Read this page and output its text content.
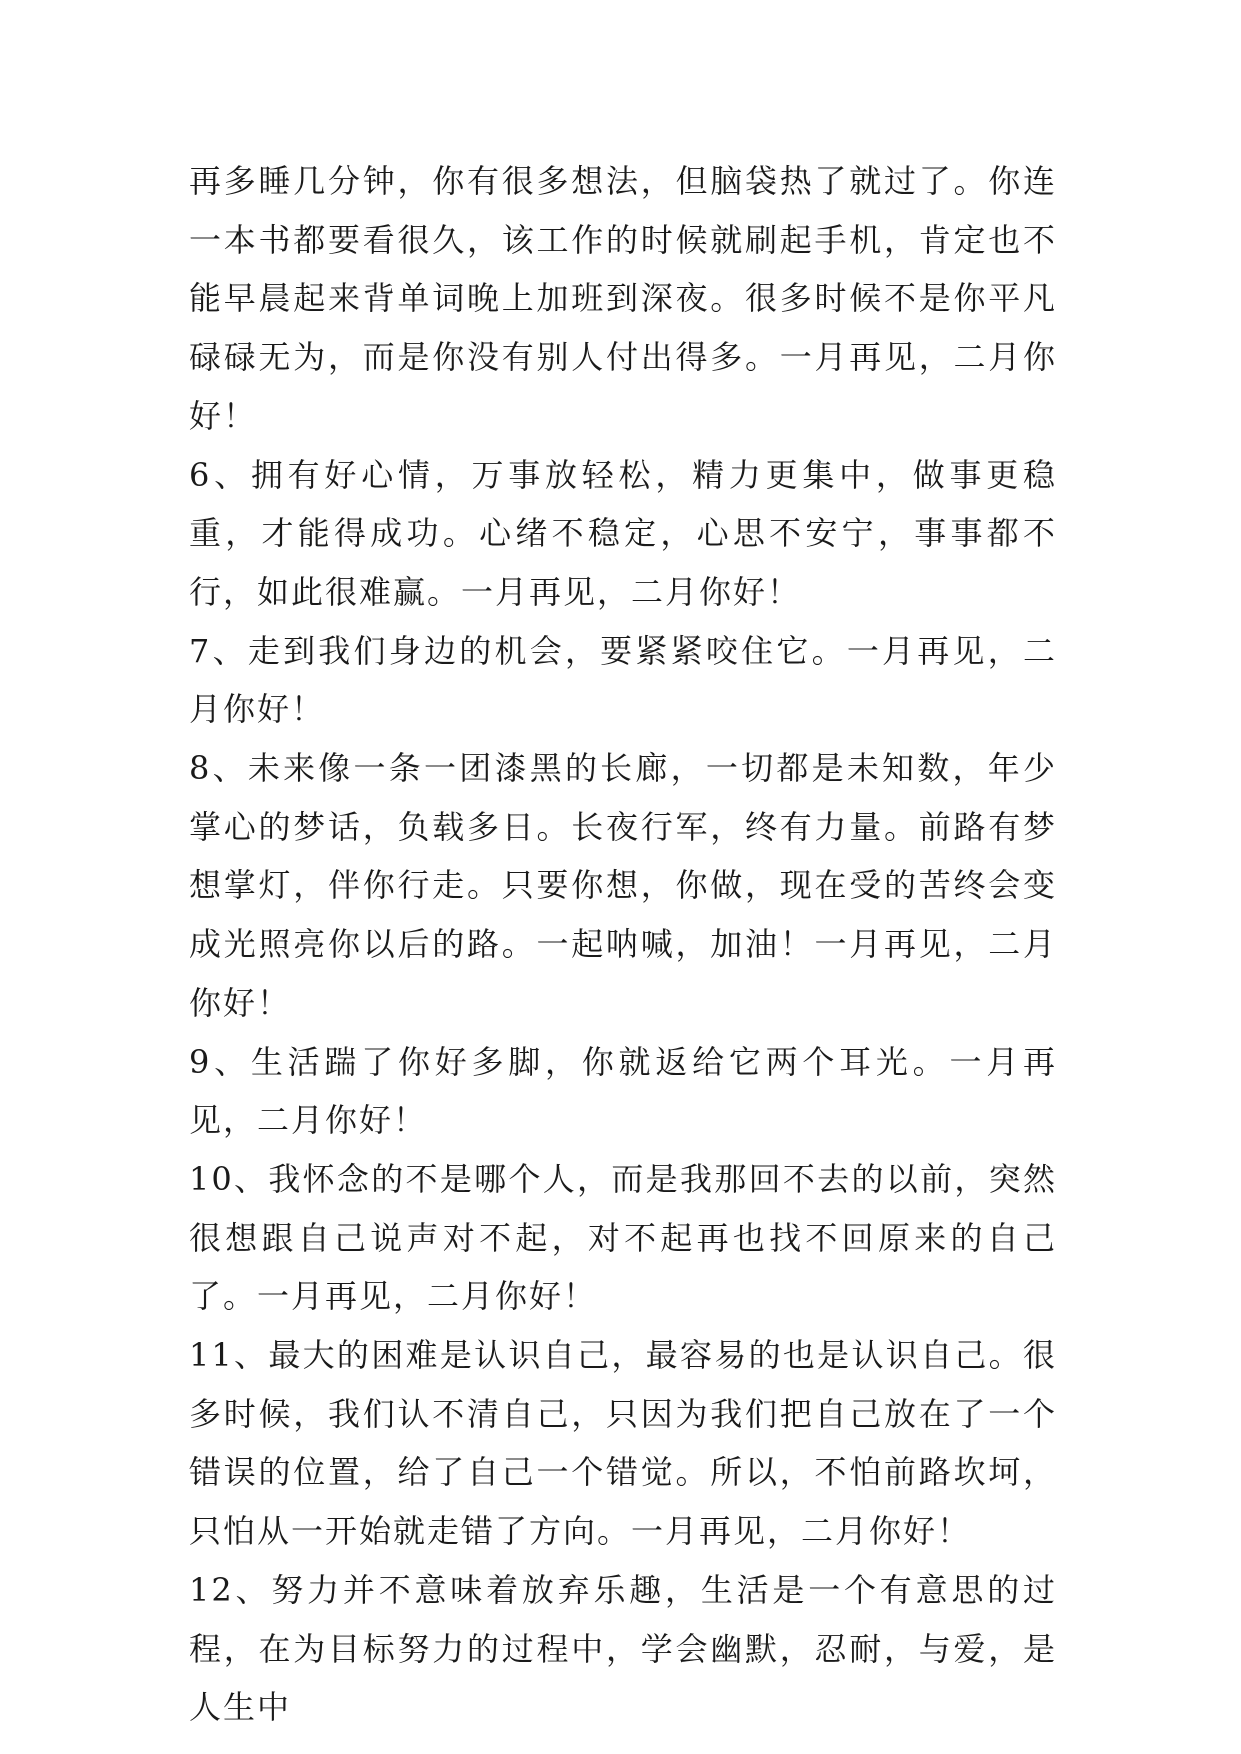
再多睡几分钟，你有很多想法，但脑袋热了就过了。你连一本书都要看很久，该工作的时候就刷起手机，肯定也不能早晨起来背单词晚上加班到深夜。很多时候不是你平凡碌碌无为，而是你没有别人付出得多。一月再见，二月你好！

6、拥有好心情，万事放轻松，精力更集中，做事更稳重，才能得成功。心绪不稳定，心思不安宁，事事都不行，如此很难赢。一月再见，二月你好！

7、走到我们身边的机会，要紧紧咬住它。一月再见，二月你好！

8、未来像一条一团漆黑的长廊，一切都是未知数，年少掌心的梦话，负载多日。长夜行军，终有力量。前路有梦想掌灯，伴你行走。只要你想，你做，现在受的苦终会变成光照亮你以后的路。一起呐喊，加油！一月再见，二月你好！

9、生活踹了你好多脚，你就返给它两个耳光。一月再见，二月你好！

10、我怀念的不是哪个人，而是我那回不去的以前，突然很想跟自己说声对不起，对不起再也找不回原来的自己了。一月再见，二月你好！

11、最大的困难是认识自己，最容易的也是认识自己。很多时候，我们认不清自己，只因为我们把自己放在了一个错误的位置，给了自己一个错觉。所以，不怕前路坎坷，只怕从一开始就走错了方向。一月再见，二月你好！

12、努力并不意味着放弃乐趣，生活是一个有意思的过程，在为目标努力的过程中，学会幽默，忍耐，与爱，是人生中
